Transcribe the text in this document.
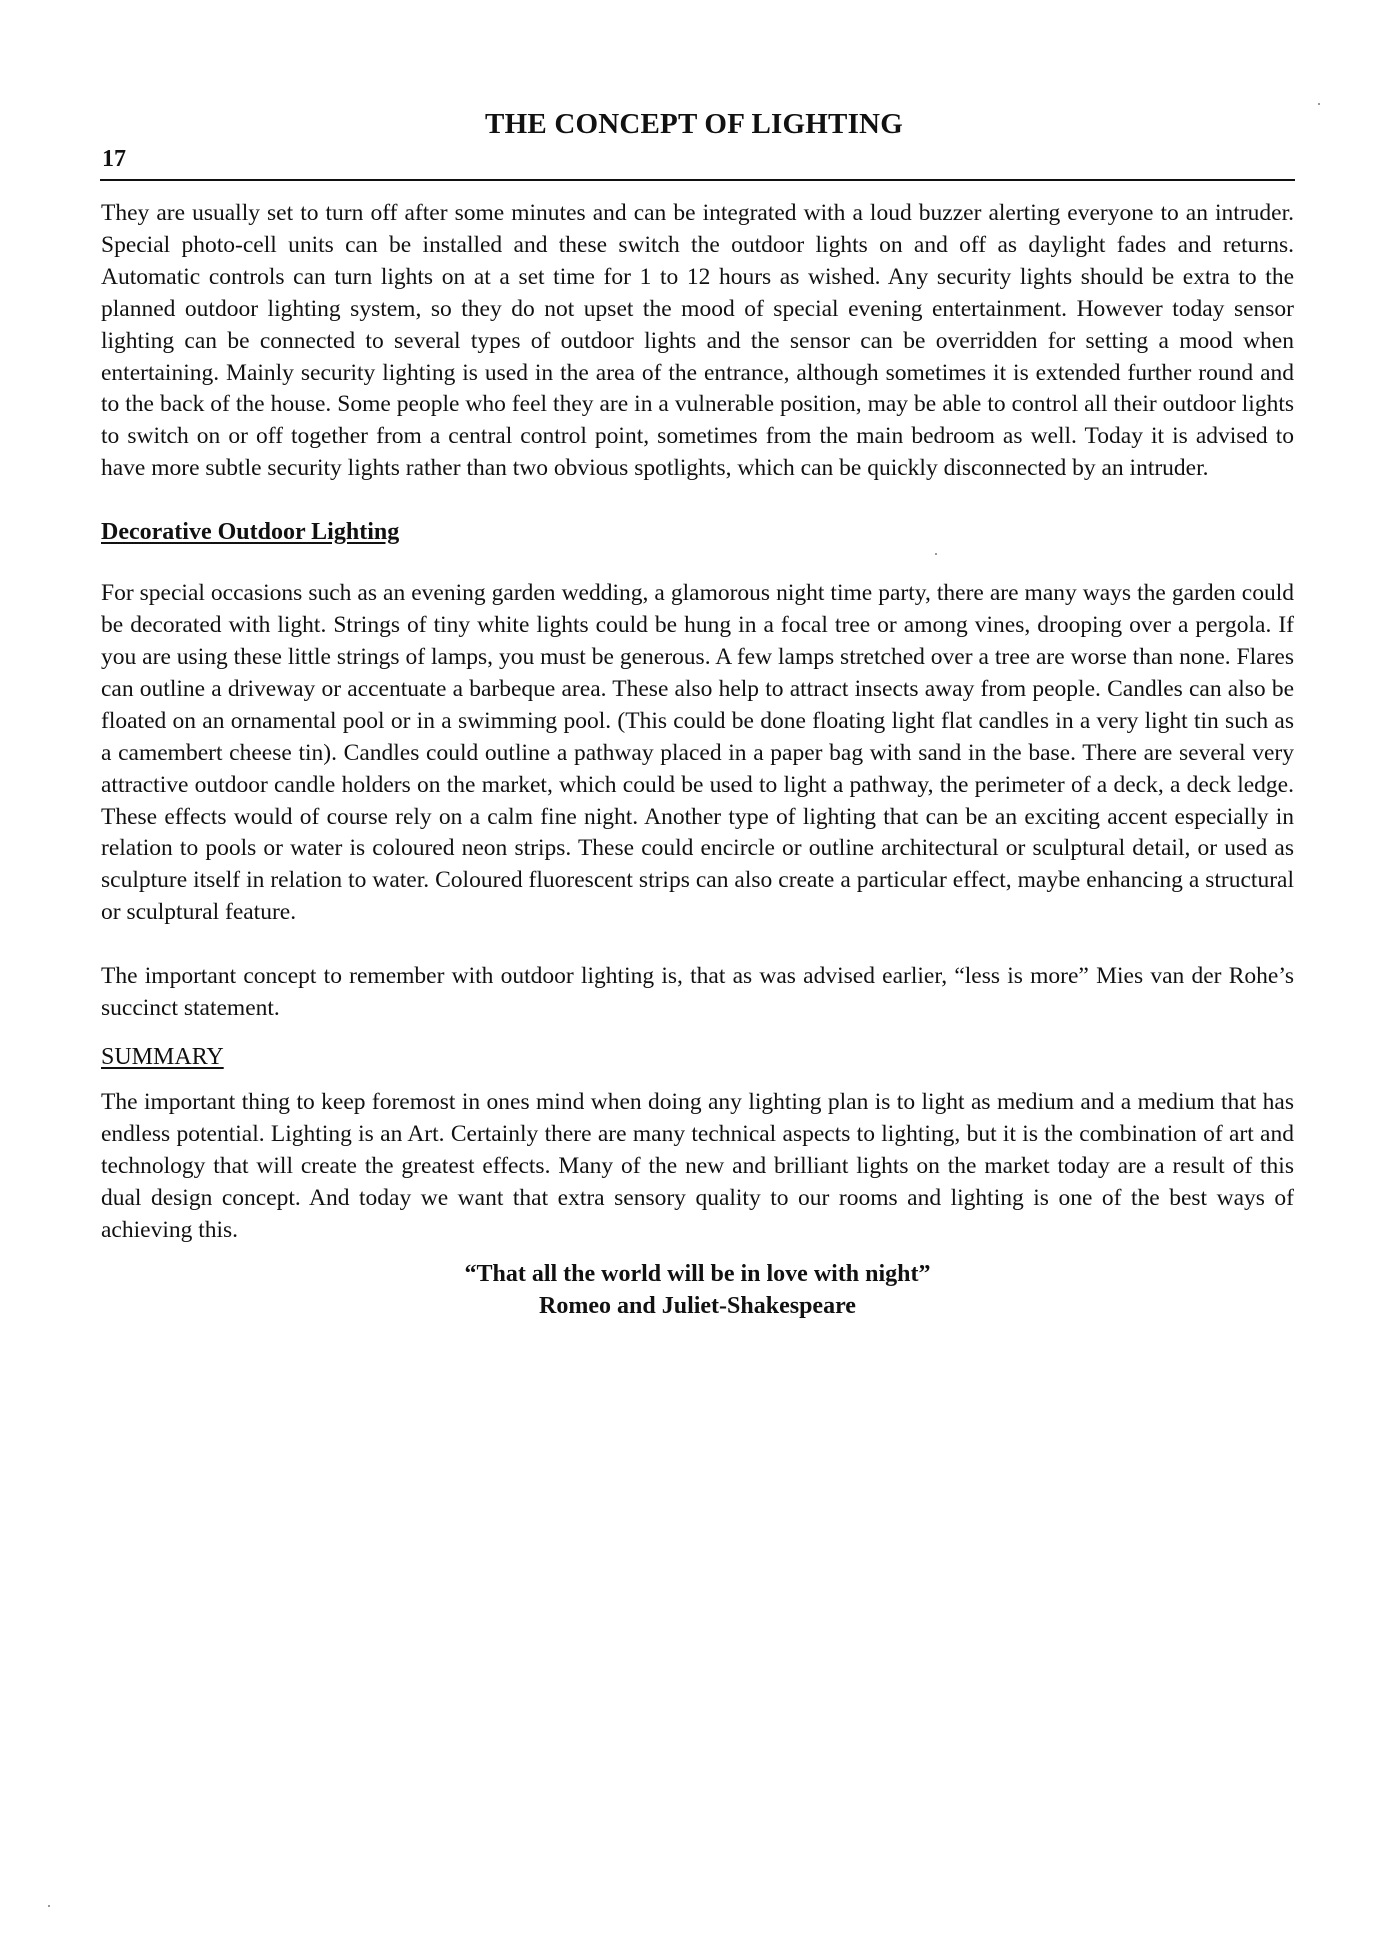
THE CONCEPT OF LIGHTING
17

They are usually set to turn off after some minutes and can be integrated with a loud buzzer alerting everyone to an intruder. Special photo-cell units can be installed and these switch the outdoor lights on and off as daylight fades and returns. Automatic controls can turn lights on at a set time for 1 to 12 hours as wished. Any security lights should be extra to the planned outdoor lighting system, so they do not upset the mood of special evening entertainment. However today sensor lighting can be connected to several types of outdoor lights and the sensor can be overridden for setting a mood when entertaining. Mainly security lighting is used in the area of the entrance, although sometimes it is extended further round and to the back of the house. Some people who feel they are in a vulnerable position, may be able to control all their outdoor lights to switch on or off together from a central control point, sometimes from the main bedroom as well. Today it is advised to have more subtle security lights rather than two obvious spotlights, which can be quickly disconnected by an intruder.

Decorative Outdoor Lighting

For special occasions such as an evening garden wedding, a glamorous night time party, there are many ways the garden could be decorated with light. Strings of tiny white lights could be hung in a focal tree or among vines, drooping over a pergola. If you are using these little strings of lamps, you must be generous. A few lamps stretched over a tree are worse than none. Flares can outline a driveway or accentuate a barbeque area. These also help to attract insects away from people. Candles can also be floated on an ornamental pool or in a swimming pool. (This could be done floating light flat candles in a very light tin such as a camembert cheese tin). Candles could outline a pathway placed in a paper bag with sand in the base. There are several very attractive outdoor candle holders on the market, which could be used to light a pathway, the perimeter of a deck, a deck ledge. These effects would of course rely on a calm fine night. Another type of lighting that can be an exciting accent especially in relation to pools or water is coloured neon strips. These could encircle or outline architectural or sculptural detail, or used as sculpture itself in relation to water. Coloured fluorescent strips can also create a particular effect, maybe enhancing a structural or sculptural feature.

The important concept to remember with outdoor lighting is, that as was advised earlier, “less is more” Mies van der Rohe’s succinct statement.

SUMMARY

The important thing to keep foremost in ones mind when doing any lighting plan is to light as medium and a medium that has endless potential. Lighting is an Art. Certainly there are many technical aspects to lighting, but it is the combination of art and technology that will create the greatest effects. Many of the new and brilliant lights on the market today are a result of this dual design concept. And today we want that extra sensory quality to our rooms and lighting is one of the best ways of achieving this.

“That all the world will be in love with night”
Romeo and Juliet-Shakespeare
